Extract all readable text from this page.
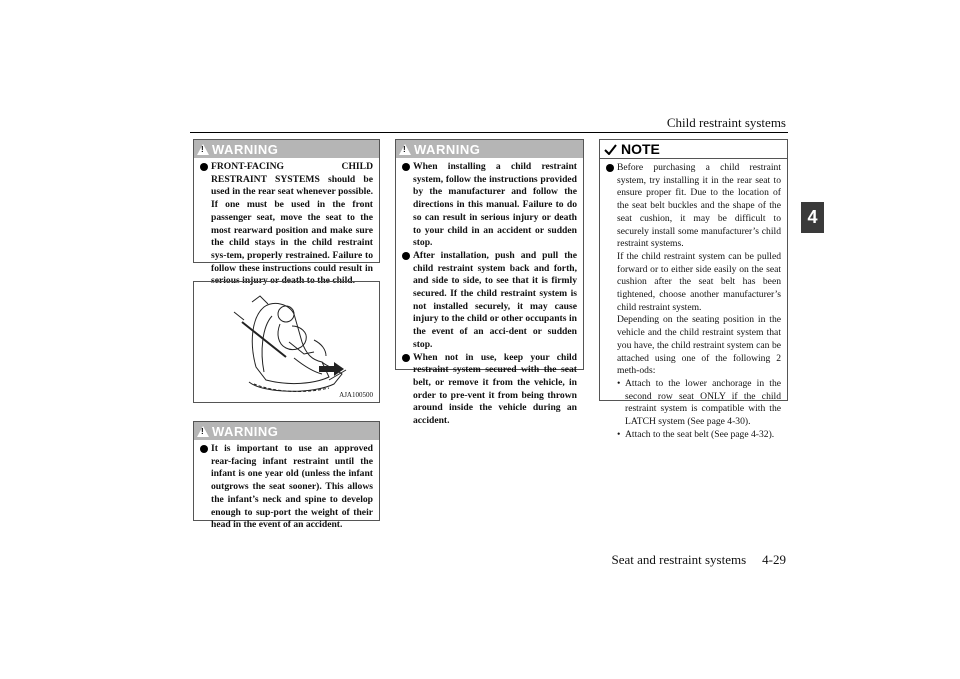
Child restraint systems
4
! WARNING
FRONT-FACING CHILD RESTRAINT SYSTEMS should be used in the rear seat whenever possible. If one must be used in the front passenger seat, move the seat to the most rearward position and make sure the child stays in the child restraint sys-tem, properly restrained. Failure to follow these instructions could result in serious injury or death to the child.
AJA100500
! WARNING
It is important to use an approved rear-facing infant restraint until the infant is one year old (unless the infant outgrows the seat sooner). This allows the infant’s neck and spine to develop enough to sup-port the weight of their head in the event of an accident.
! WARNING
When installing a child restraint system, follow the instructions provided by the manufacturer and follow the directions in this manual. Failure to do so can result in serious injury or death to your child in an accident or sudden stop.
After installation, push and pull the child restraint system back and forth, and side to side, to see that it is firmly secured. If the child restraint system is not installed securely, it may cause injury to the child or other occupants in the event of an acci-dent or sudden stop.
When not in use, keep your child restraint system secured with the seat belt, or remove it from the vehicle, in order to pre-vent it from being thrown around inside the vehicle during an accident.
NOTE

Before purchasing a child restraint system, try installing it in the rear seat to ensure proper fit. Due to the location of the seat belt buckles and the shape of the seat cushion, it may be difficult to securely install some manufacturer’s child restraint systems.

If the child restraint system can be pulled forward or to either side easily on the seat cushion after the seat belt has been tightened, choose another manufacturer’s child restraint system.

Depending on the seating position in the vehicle and the child restraint system that you have, the child restraint system can be attached using one of the following 2 meth-ods:

• Attach to the lower anchorage in the second row seat ONLY if the child restraint system is compatible with the LATCH system (See page 4-30).
• Attach to the seat belt (See page 4-32).
Seat and restraint systems 4-29
